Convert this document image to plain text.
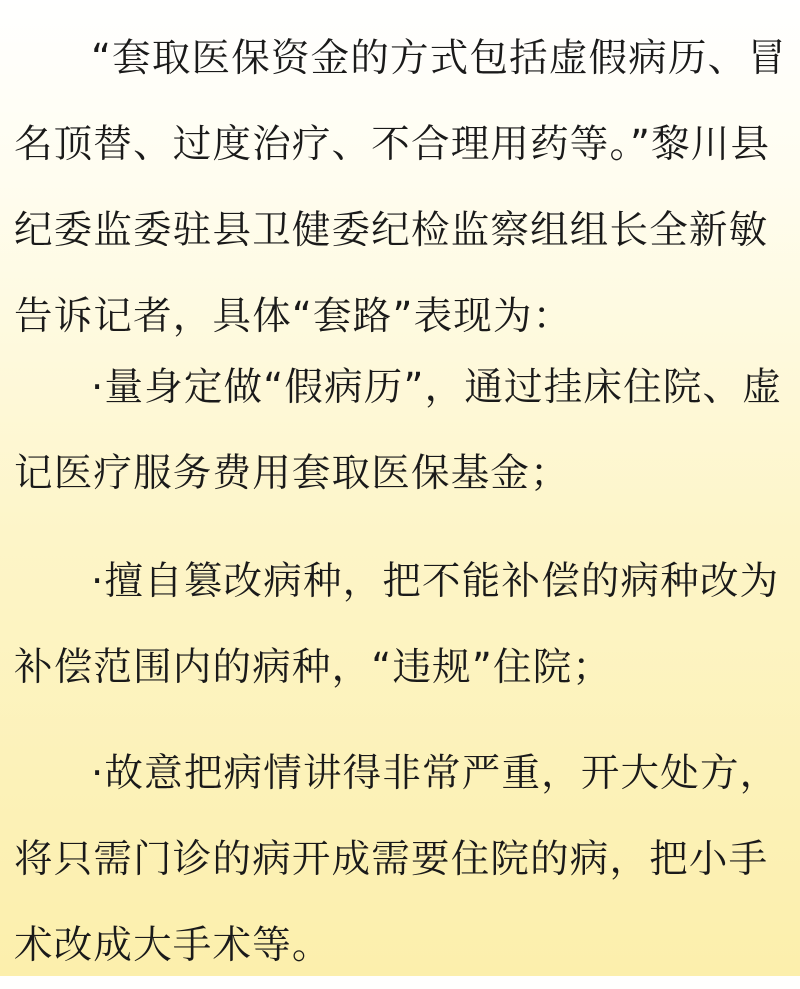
“套取医保资金的方式包括虚假病历、冒名顶替、过度治疗、不合理用药等。”黎川县纪委监委驻县卫健委纪检监察组组长全新敏告诉记者，具体“套路”表现为：

·量身定做“假病历”，通过挂床住院、虚记医疗服务费用套取医保基金；

·擅自篡改病种，把不能补偿的病种改为补偿范围内的病种，“违规”住院；

·故意把病情讲得非常严重，开大处方，将只需门诊的病开成需要住院的病，把小手术改成大手术等。
